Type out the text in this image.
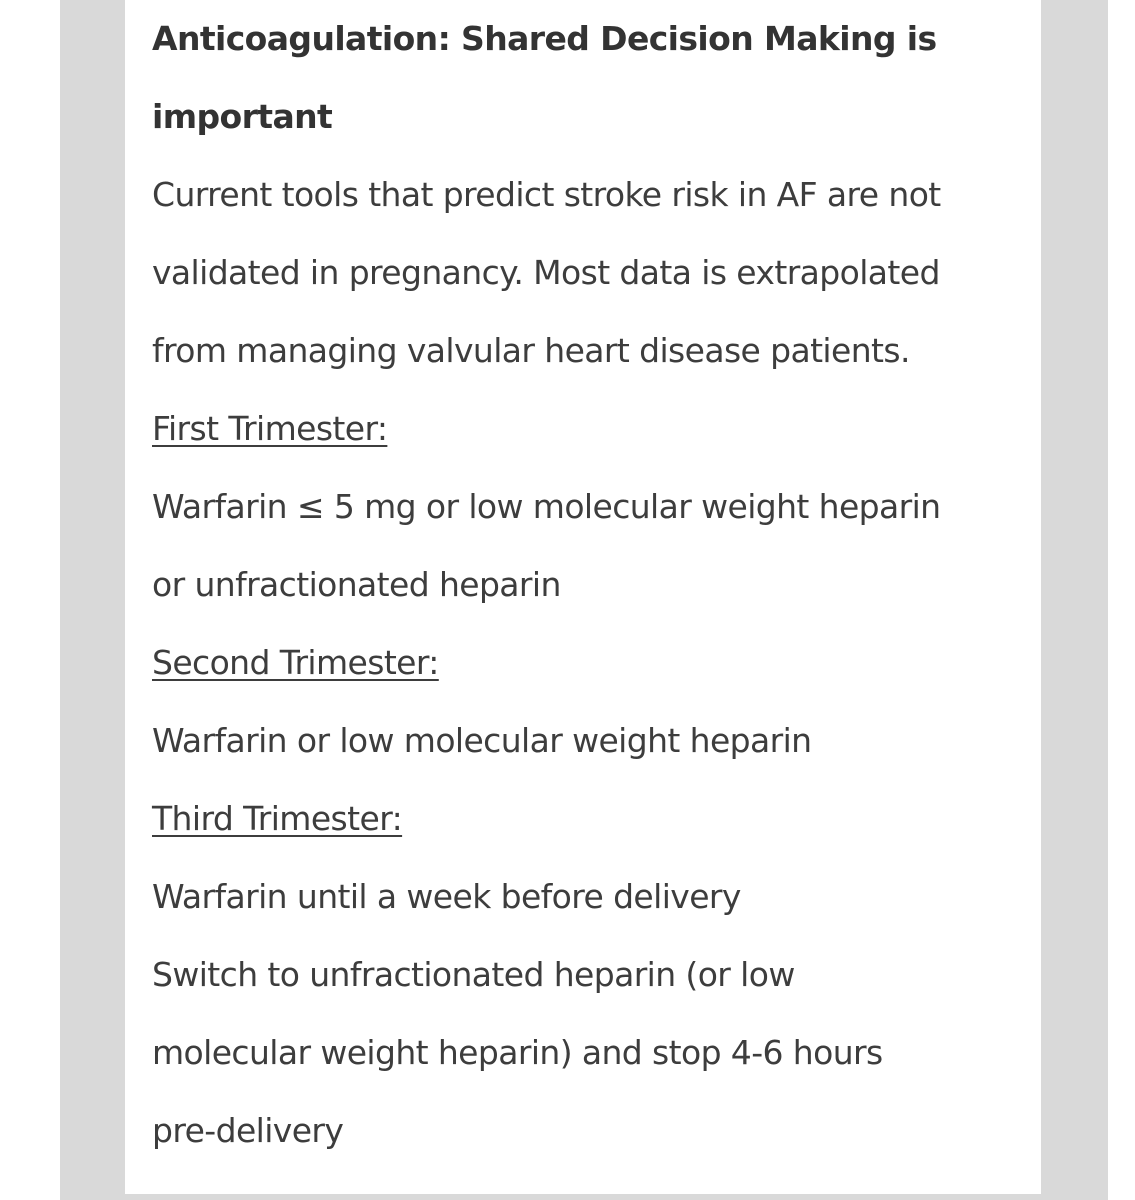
Anticoagulation: Shared Decision Making is
important
Current tools that predict stroke risk in AF are not
validated in pregnancy. Most data is extrapolated
from managing valvular heart disease patients.
First Trimester:
Warfarin ≤ 5 mg or low molecular weight heparin
or unfractionated heparin
Second Trimester:
Warfarin or low molecular weight heparin
Third Trimester:
Warfarin until a week before delivery
Switch to unfractionated heparin (or low
molecular weight heparin) and stop 4-6 hours
pre-delivery
